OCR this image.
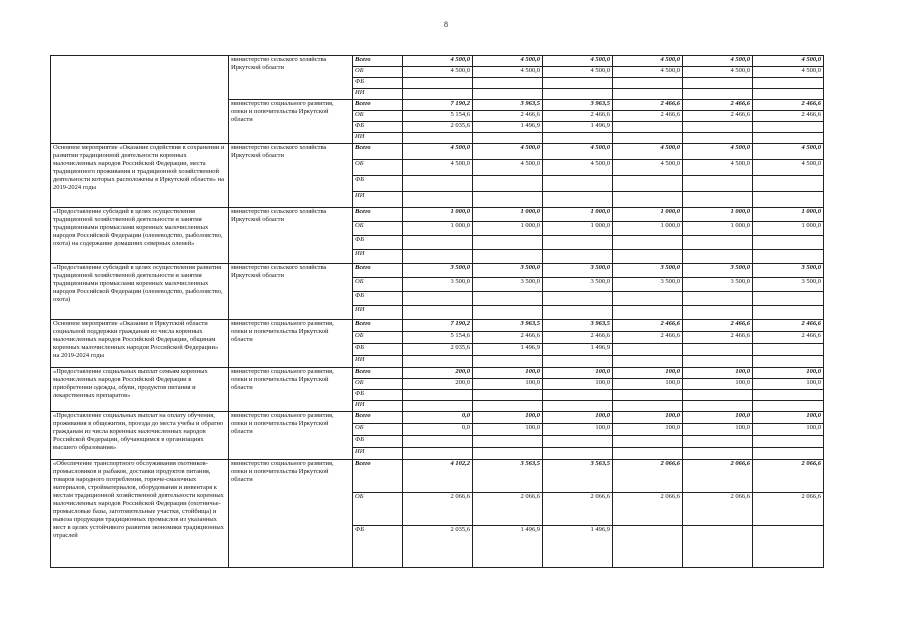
8
	министерство сельского хозяйства Иркутской области	Всего	4 500,0	4 500,0	4 500,0	4 500,0	4 500,0	4 500,0
		ОБ	4 500,0	4 500,0	4 500,0	4 500,0	4 500,0	4 500,0
		ФБ						
		ИИ						
	министерство социального развития, опеки и попечительства Иркутской области	Всего	7 190,2	3 963,5	3 963,5	2 466,6	2 466,6	2 466,6
		ОБ	5 154,6	2 466,6	2 466,6	2 466,6	2 466,6	2 466,6
		ФБ	2 035,6	1 496,9	1 496,9			
		ИИ						
Основное мероприятие «Оказание содействия в сохранении и развитии традиционной деятельности коренных малочисленных народов Российской Федерации, места традиционного проживания и традиционной хозяйственной деятельности которых расположены в Иркутской области» на 2019-2024 годы	министерство сельского хозяйства Иркутской области	Всего	4 500,0	4 500,0	4 500,0	4 500,0	4 500,0	4 500,0
		ОБ	4 500,0	4 500,0	4 500,0	4 500,0	4 500,0	4 500,0
		ФБ						
		ИИ						
«Предоставление субсидий в целях осуществления традиционной хозяйственной деятельности и занятия традиционными промыслами коренных малочисленных народов Российской Федерации (оленеводство, рыболовство, охота) на содержание домашних северных оленей»	министерство сельского хозяйства Иркутской области	Всего	1 000,0	1 000,0	1 000,0	1 000,0	1 000,0	1 000,0
		ОБ	1 000,0	1 000,0	1 000,0	1 000,0	1 000,0	1 000,0
		ФБ						
		ИИ						
«Предоставление субсидий в целях осуществления развития традиционной хозяйственной деятельности и занятия традиционными промыслами коренных малочисленных народов Российской Федерации (оленеводство, рыболовство, охота)	министерство сельского хозяйства Иркутской области	Всего	3 500,0	3 500,0	3 500,0	3 500,0	3 500,0	3 500,0
		ОБ	3 500,0	3 500,0	3 500,0	3 500,0	3 500,0	3 500,0
		ФБ						
		ИИ						
Основное мероприятие «Оказание в Иркутской области социальной поддержки гражданам из числа коренных малочисленных народов Российской Федерации, общинам коренных малочисленных народов Российской Федерации» на 2019-2024 годы	министерство социального развития, опеки и попечительства Иркутской области	Всего	7 190,2	3 963,5	3 963,5	2 466,6	2 466,6	2 466,6
		ОБ	5 154,6	2 466,6	2 466,6	2 466,6	2 466,6	2 466,6
		ФБ	2 035,6	1 496,9	1 496,9			
		ИИ						
«Предоставление социальных выплат семьям коренных малочисленных народов Российской Федерации в приобретении одежды, обуви, продуктов питания и лекарственных препаратов»	министерство социального развития, опеки и попечительства Иркутской области	Всего	200,0	100,0	100,0	100,0	100,0	100,0
		ОБ	200,0	100,0	100,0	100,0	100,0	100,0
		ФБ						
		ИИ						
«Предоставление социальных выплат на оплату обучения, проживания в общежитии, проезда до места учебы и обратно гражданам из числа коренных малочисленных народов Российской Федерации, обучающимся в организациях высшего образования»	министерство социального развития, опеки и попечительства Иркутской области	Всего	0,0	100,0	100,0	100,0	100,0	100,0
		ОБ	0,0	100,0	100,0	100,0	100,0	100,0
		ФБ						
		ИИ						
«Обеспечение транспортного обслуживания охотников-промысловиков и рыбаков, доставки продуктов питания, товаров народного потребления, горюче-смазочных материалов, стройматериалов, оборудования и инвентаря к местам традиционной хозяйственной деятельности коренных малочисленных народов Российской Федерации (охотничье-промысловые базы, заготовительные участки, стойбища) и вывоза продукции традиционных промыслов из указанных мест в целях устойчивого развития экономики традиционных отраслей	министерство социального развития, опеки и попечительства Иркутской области	Всего	4 102,2	3 563,5	3 563,5	2 066,6	2 066,6	2 066,6
		ОБ	2 066,6	2 066,6	2 066,6	2 066,6	2 066,6	2 066,6
		ФБ	2 035,6	1 496,9	1 496,9			
